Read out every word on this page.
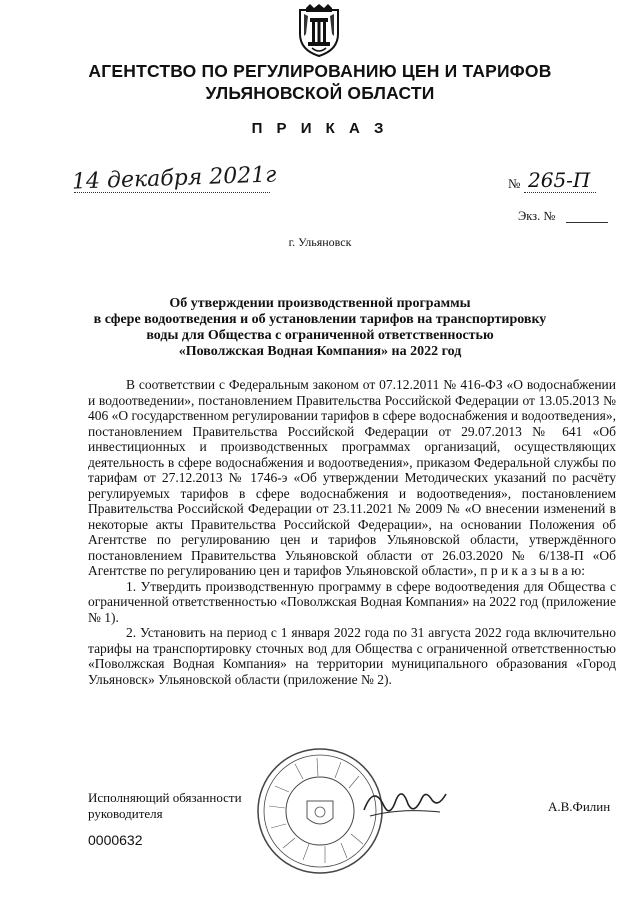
АГЕНТСТВО ПО РЕГУЛИРОВАНИЮ ЦЕН И ТАРИФОВ
УЛЬЯНОВСКОЙ ОБЛАСТИ
П Р И К А З
14 декабря 2021г	№ 265-П
Экз. №
г. Ульяновск
Об утверждении производственной программы
в сфере водоотведения и об установлении тарифов на транспортировку
воды для Общества с ограниченной ответственностью
«Поволжская Водная Компания» на 2022 год

В соответствии с Федеральным законом от 07.12.2011 № 416-ФЗ «О водоснабжении и водоотведении», постановлением Правительства Российской Федерации от 13.05.2013 № 406 «О государственном регулировании тарифов в сфере водоснабжения и водоотведения», постановлением Правительства Российской Федерации от 29.07.2013 № 641 «Об инвестиционных и производственных программах организаций, осуществляющих деятельность в сфере водоснабжения и водоотведения», приказом Федеральной службы по тарифам от 27.12.2013 № 1746-э «Об утверждении Методических указаний по расчёту регулируемых тарифов в сфере водоснабжения и водоотведения», постановлением Правительства Российской Федерации от 23.11.2021 № 2009 № «О внесении изменений в некоторые акты Правительства Российской Федерации», на основании Положения об Агентстве по регулированию цен и тарифов Ульяновской области, утверждённого постановлением Правительства Ульяновской области от 26.03.2020 № 6/138-П «Об Агентстве по регулированию цен и тарифов Ульяновской области», п р и к а з ы в а ю:

1. Утвердить производственную программу в сфере водоотведения для Общества с ограниченной ответственностью «Поволжская Водная Компания» на 2022 год (приложение № 1).

2. Установить на период с 1 января 2022 года по 31 августа 2022 года включительно тарифы на транспортировку сточных вод для Общества с ограниченной ответственностью «Поволжская Водная Компания» на территории муниципального образования «Город Ульяновск» Ульяновской области (приложение № 2).

Исполняющий обязанности
руководителя	А.В.Филин
0000632
